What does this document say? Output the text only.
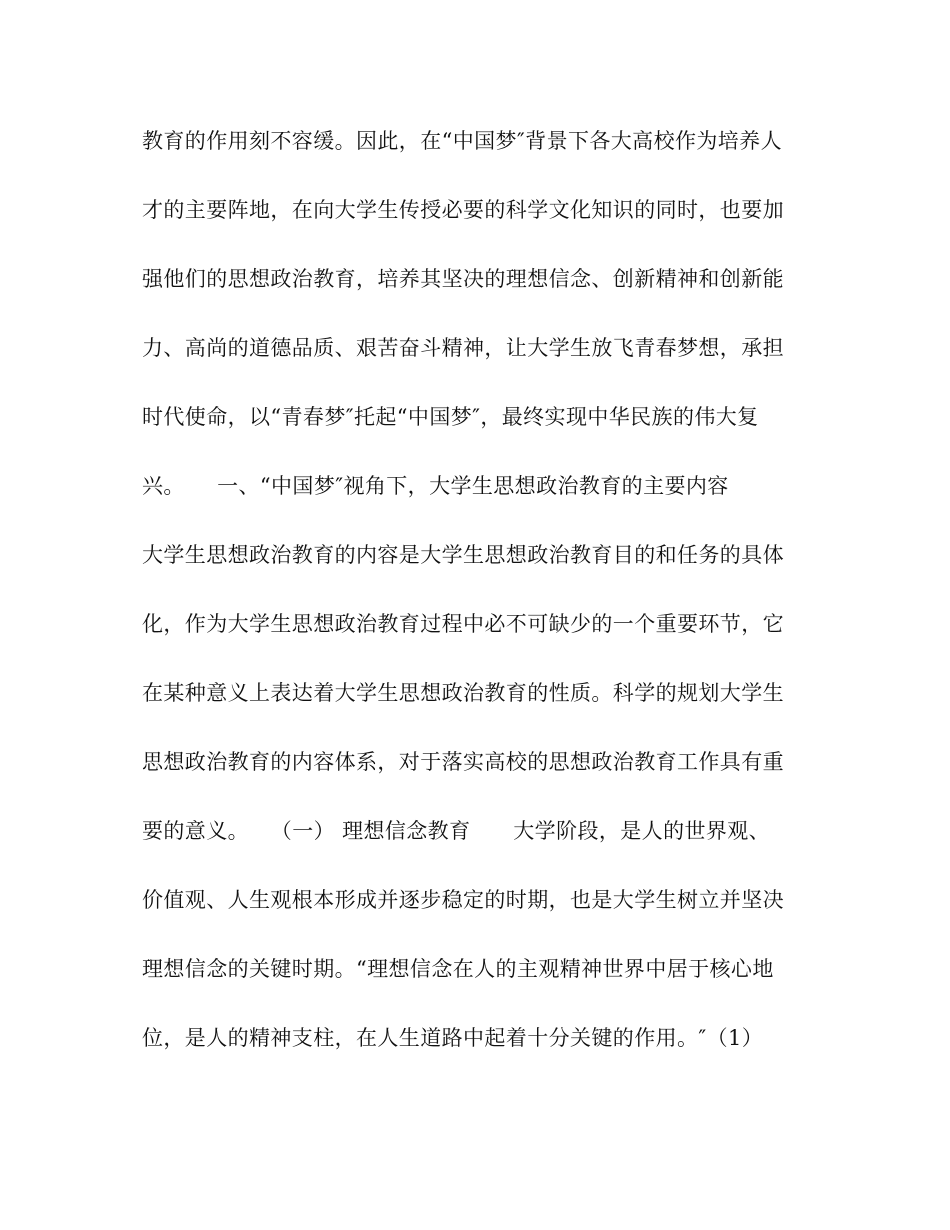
教育的作用刻不容缓。因此，在“中国梦″背景下各大高校作为培养人
才的主要阵地，在向大学生传授必要的科学文化知识的同时，也要加
强他们的思想政治教育，培养其坚决的理想信念、创新精神和创新能
力、高尚的道德品质、艰苦奋斗精神，让大学生放飞青春梦想，承担
时代使命，以“青春梦″托起“中国梦″，最终实现中华民族的伟大复
兴。　　一、“中国梦″视角下，大学生思想政治教育的主要内容
大学生思想政治教育的内容是大学生思想政治教育目的和任务的具体
化，作为大学生思想政治教育过程中必不可缺少的一个重要环节，它
在某种意义上表达着大学生思想政治教育的性质。科学的规划大学生
思想政治教育的内容体系，对于落实高校的思想政治教育工作具有重
要的意义。　　（一） 理想信念教育　　大学阶段，是人的世界观、
价值观、人生观根本形成并逐步稳定的时期，也是大学生树立并坚决
理想信念的关键时期。“理想信念在人的主观精神世界中居于核心地
位，是人的精神支柱，在人生道路中起着十分关键的作用。″（1）
